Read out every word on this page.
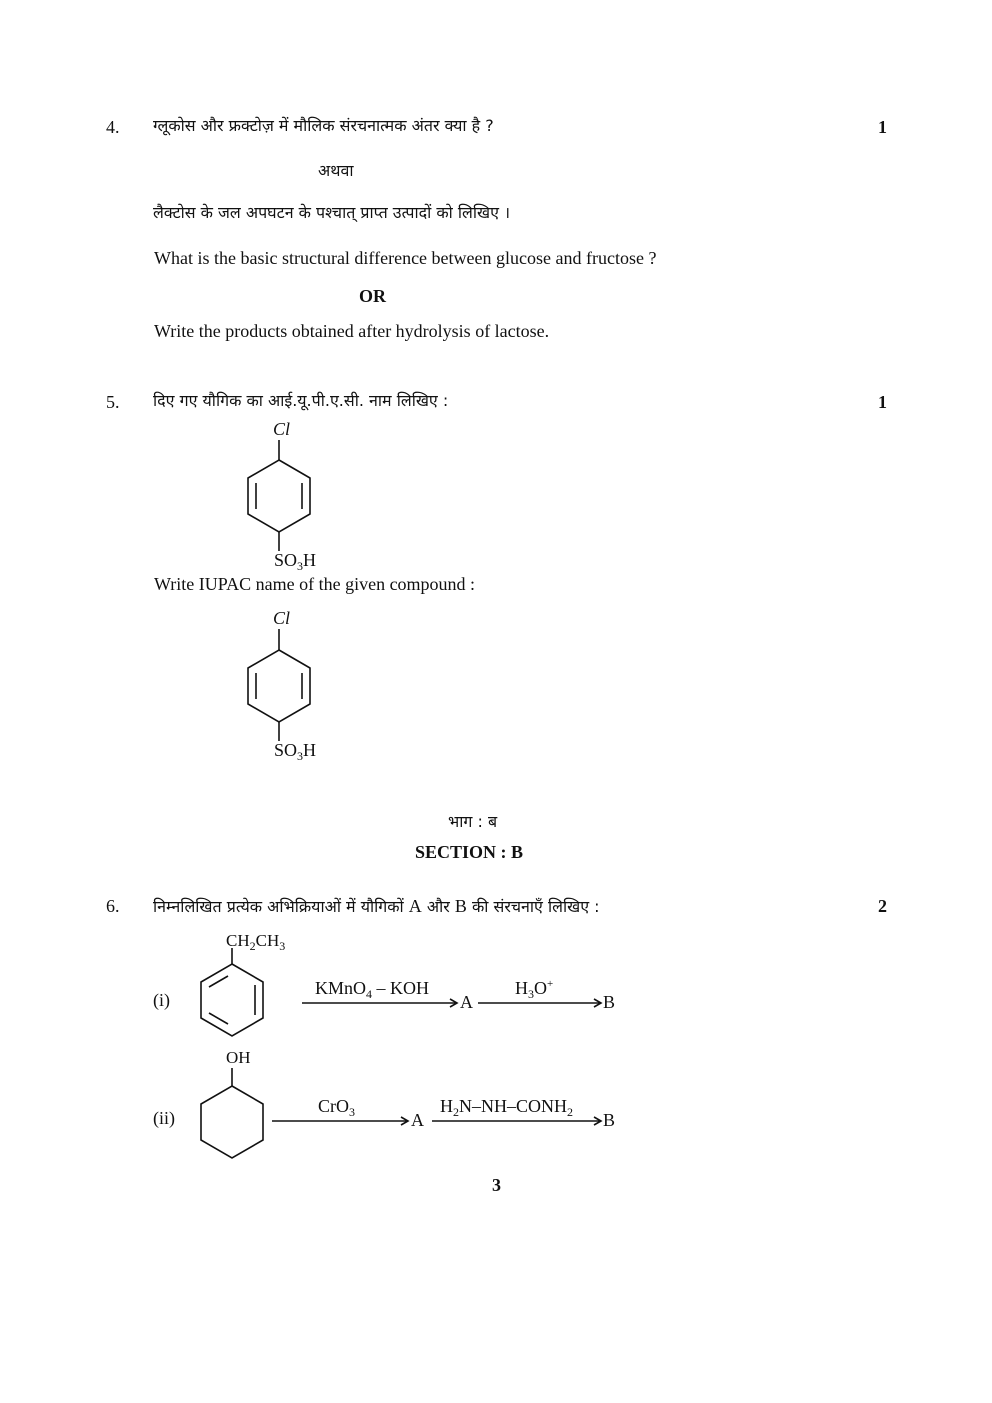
4. ग्लूकोस और फ्रक्टोज़ में मौलिक संरचनात्मक अंतर क्या है ?	1
अथवा
लैक्टोस के जल अपघटन के पश्चात् प्राप्त उत्पादों को लिखिए ।
What is the basic structural difference between glucose and fructose ?
OR
Write the products obtained after hydrolysis of lactose.
5. दिए गए यौगिक का आई.यू.पी.ए.सी. नाम लिखिए :	1
Cl
$SO_3H$
Write IUPAC name of the given compound :
Cl
$SO_3H$
भाग : ब
SECTION : B
6. निम्नलिखित प्रत्येक अभिक्रियाओं में यौगिकों A और B की संरचनाएँ लिखिए :	2
$CH_2CH_3$
(i)
KMnO$_4$ – KOH
A
$H_3O^+$
B
OH
(ii)
CrO$_3$	A
$H_2N-NH-CONH_2$ B
3
